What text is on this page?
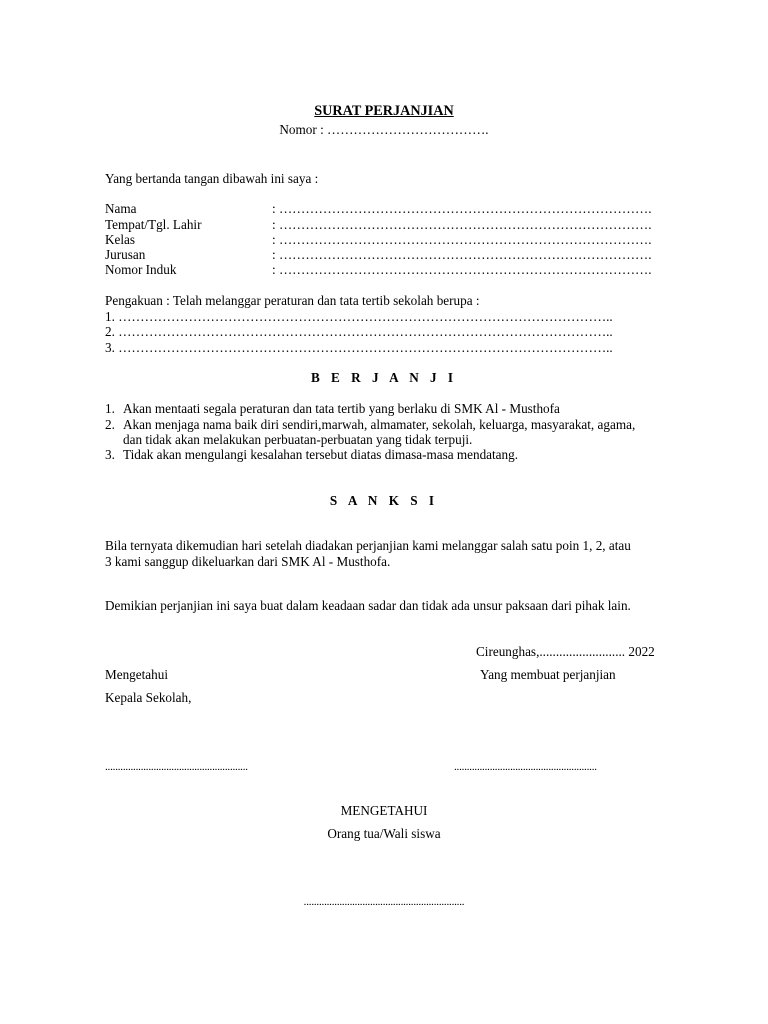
SURAT PERJANJIAN
Nomor : ……………………………….
Yang bertanda tangan dibawah ini saya :
Nama	: ………………………………………………………………………….
Tempat/Tgl. Lahir	: ………………………………………………………………………….
Kelas	: ………………………………………………………………………….
Jurusan	: ………………………………………………………………………….
Nomor Induk	: ………………………………………………………………………….
Pengakuan : Telah melanggar peraturan dan tata tertib sekolah berupa :
1. …………………………………………………………………………………………………..
2. …………………………………………………………………………………………………..
3. …………………………………………………………………………………………………..
B E R J A N J I
1. Akan mentaati segala peraturan dan tata tertib yang berlaku di SMK Al - Musthofa
2. Akan menjaga nama baik diri sendiri,marwah, almamater, sekolah, keluarga, masyarakat, agama,
dan tidak akan melakukan perbuatan-perbuatan yang tidak terpuji.
3. Tidak akan mengulangi kesalahan tersebut diatas dimasa-masa mendatang.
S A N K S I
Bila ternyata dikemudian hari setelah diadakan perjanjian kami melanggar salah satu poin 1, 2, atau
3 kami sanggup dikeluarkan dari SMK Al - Musthofa.
Demikian perjanjian ini saya buat dalam keadaan sadar dan tidak ada unsur paksaan dari pihak lain.
Cireunghas,.......................... 2022
Mengetahui
Kepala Sekolah,
Yang membuat perjanjian
........................................................	........................................................
MENGETAHUI
Orang tua/Wali siswa
...............................................................
